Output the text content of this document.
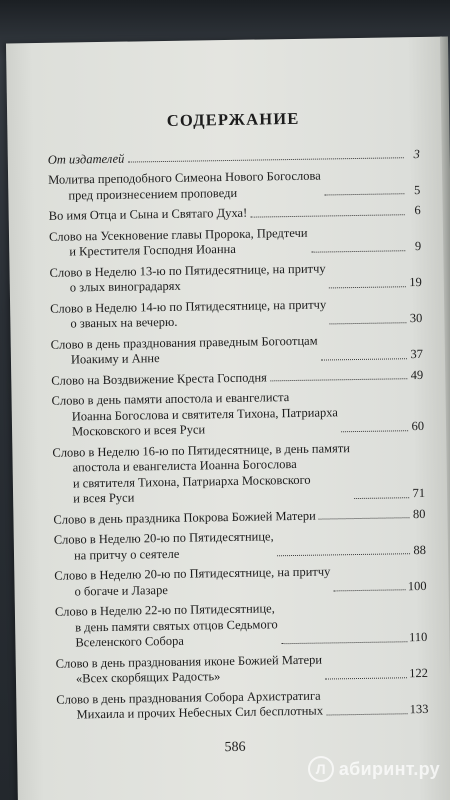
СОДЕРЖАНИЕ
От издателей	3
Молитва преподобного Симеона Нового Богослова
пред произнесением проповеди	5
Во имя Отца и Сына и Святаго Духа!	6
Слово на Усекновение главы Пророка, Предтечи
и Крестителя Господня Иоанна	9
Слово в Неделю 13-ю по Пятидесятнице, на притчу
о злых виноградарях	19
Слово в Неделю 14-ю по Пятидесятнице, на притчу
о званых на вечерю.	30
Слово в день празднования праведным Богоотцам
Иоакиму и Анне	37
Слово на Воздвижение Креста Господня	49
Слово в день памяти апостола и евангелиста
Иоанна Богослова и святителя Тихона, Патриарха
Московского и всея Руси	60
Слово в Неделю 16-ю по Пятидесятнице, в день памяти
апостола и евангелиста Иоанна Богослова
и святителя Тихона, Патриарха Московского
и всея Руси	71
Слово в день праздника Покрова Божией Матери	80
Слово в Неделю 20-ю по Пятидесятнице,
на притчу о сеятеле	88
Слово в Неделю 20-ю по Пятидесятнице, на притчу
о богаче и Лазаре	100
Слово в Неделю 22-ю по Пятидесятнице,
в день памяти святых отцов Седьмого
Вселенского Собора	110
Слово в день празднования иконе Божией Матери
«Всех скорбящих Радость»	122
Слово в день празднования Собора Архистратига
Михаила и прочих Небесных Сил бесплотных	133
586
Л абиринт.ру
